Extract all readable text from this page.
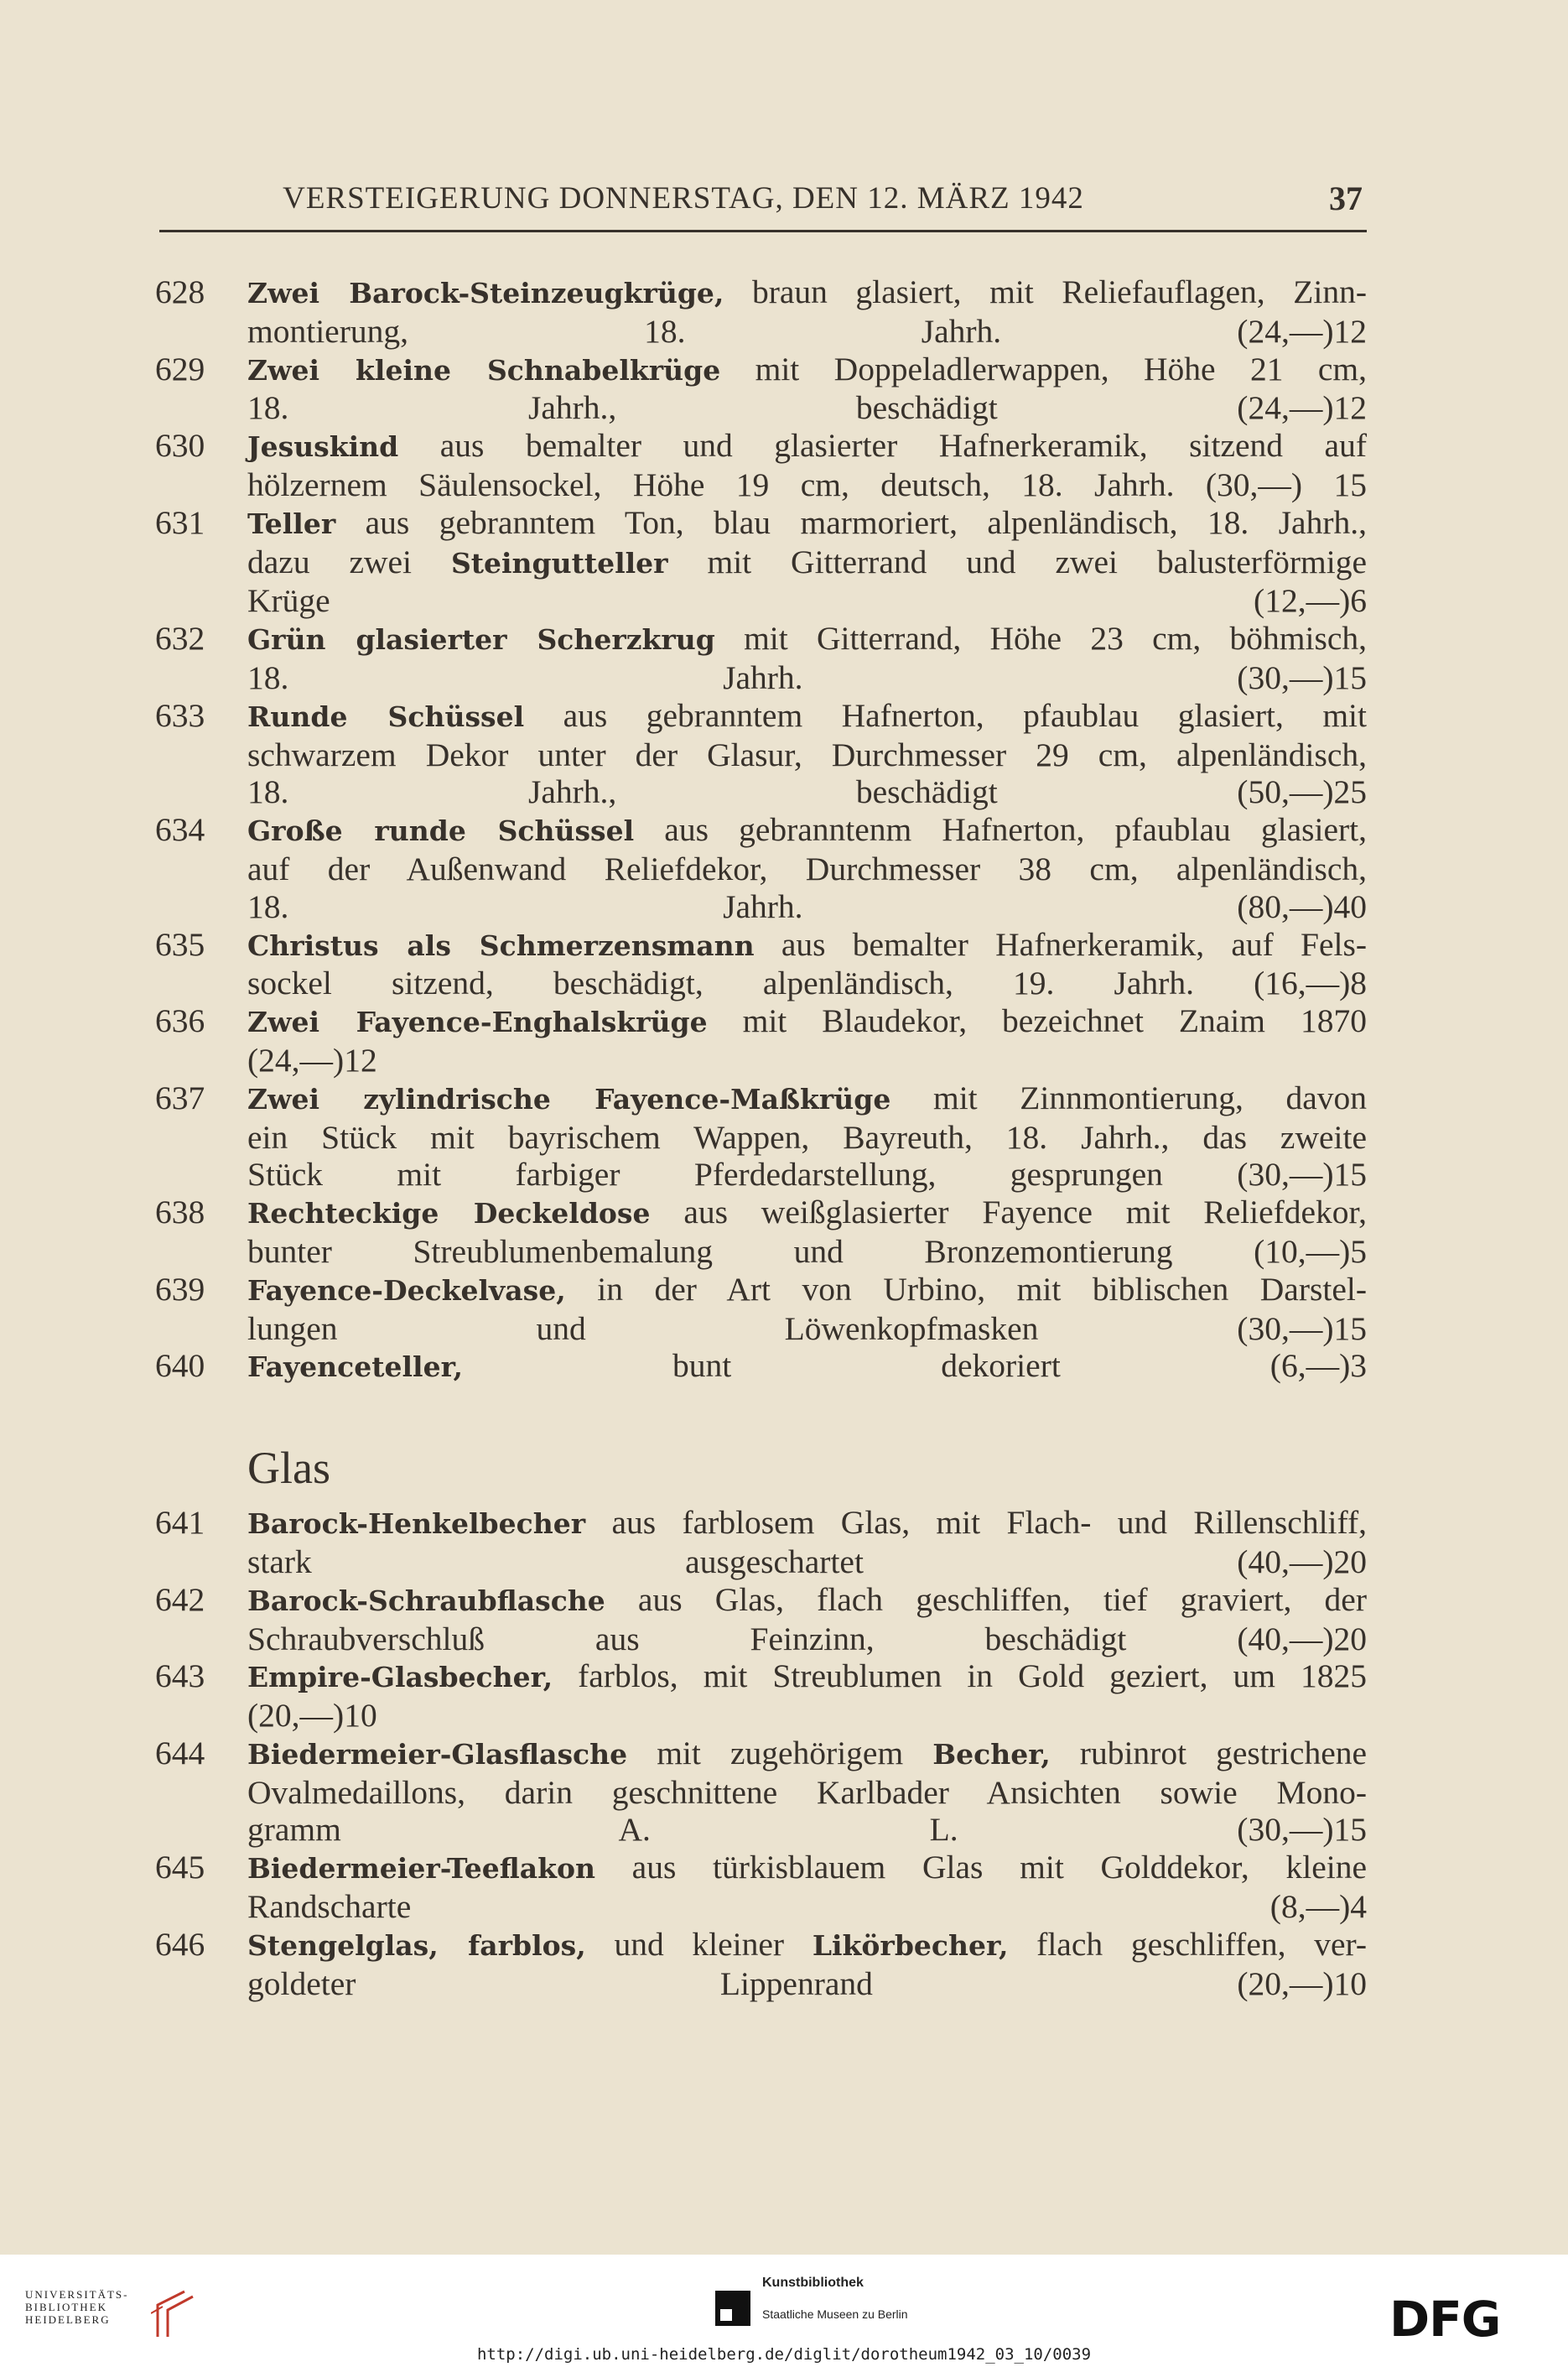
VERSTEIGERUNG DONNERSTAG, DEN 12. MÄRZ 1942	37
628	Zwei Barock-Steinzeugkrüge, braun glasiert, mit Reliefauflagen, Zinn-
montierung, 18. Jahrh. (24,—)12
629	Zwei kleine Schnabelkrüge mit Doppeladlerwappen, Höhe 21 cm,
18. Jahrh., beschädigt (24,—)12
630	Jesuskind aus bemalter und glasierter Hafnerkeramik, sitzend auf
hölzernem Säulensockel, Höhe 19 cm, deutsch, 18. Jahrh. (30,—) 15
631	Teller aus gebranntem Ton, blau marmoriert, alpenländisch, 18. Jahrh.,
dazu zwei Steingutteller mit Gitterrand und zwei balusterförmige
Krüge (12,—)6
632	Grün glasierter Scherzkrug mit Gitterrand, Höhe 23 cm, böhmisch,
18. Jahrh. (30,—)15
633	Runde Schüssel aus gebranntem Hafnerton, pfaublau glasiert, mit
schwarzem Dekor unter der Glasur, Durchmesser 29 cm, alpenländisch,
18. Jahrh., beschädigt (50,—)25
634	Große runde Schüssel aus gebranntenm Hafnerton, pfaublau glasiert,
auf der Außenwand Reliefdekor, Durchmesser 38 cm, alpenländisch,
18. Jahrh. (80,—)40
635	Christus als Schmerzensmann aus bemalter Hafnerkeramik, auf Fels-
sockel sitzend, beschädigt, alpenländisch, 19. Jahrh. (16,—)8
636	Zwei Fayence-Enghalskrüge mit Blaudekor, bezeichnet Znaim 1870
(24,—)12
637	Zwei zylindrische Fayence-Maßkrüge mit Zinnmontierung, davon
ein Stück mit bayrischem Wappen, Bayreuth, 18. Jahrh., das zweite
Stück mit farbiger Pferdedarstellung, gesprungen (30,—)15
638	Rechteckige Deckeldose aus weißglasierter Fayence mit Reliefdekor,
bunter Streublumenbemalung und Bronzemontierung (10,—)5
639	Fayence-Deckelvase, in der Art von Urbino, mit biblischen Darstel-
lungen und Löwenkopfmasken (30,—)15
640	Fayenceteller, bunt dekoriert (6,—)3
Glas
641	Barock-Henkelbecher aus farblosem Glas, mit Flach- und Rillenschliff,
stark ausgeschartet (40,—)20
642	Barock-Schraubflasche aus Glas, flach geschliffen, tief graviert, der
Schraubverschluß aus Feinzinn, beschädigt (40,—)20
643	Empire-Glasbecher, farblos, mit Streublumen in Gold geziert, um 1825
(20,—)10
644	Biedermeier-Glasflasche mit zugehörigem Becher, rubinrot gestrichene
Ovalmedaillons, darin geschnittene Karlbader Ansichten sowie Mono-
gramm A. L. (30,—)15
645	Biedermeier-Teeflakon aus türkisblauem Glas mit Golddekor, kleine
Randscharte (8,—)4
646	Stengelglas, farblos, und kleiner Likörbecher, flach geschliffen, ver-
goldeter Lippenrand (20,—)10
UNIVERSITÄTS-
BIBLIOTHEK
HEIDELBERG
Kunstbibliothek
Staatliche Museen zu Berlin	DFG
http://digi.ub.uni-heidelberg.de/diglit/dorotheum1942_03_10/0039
